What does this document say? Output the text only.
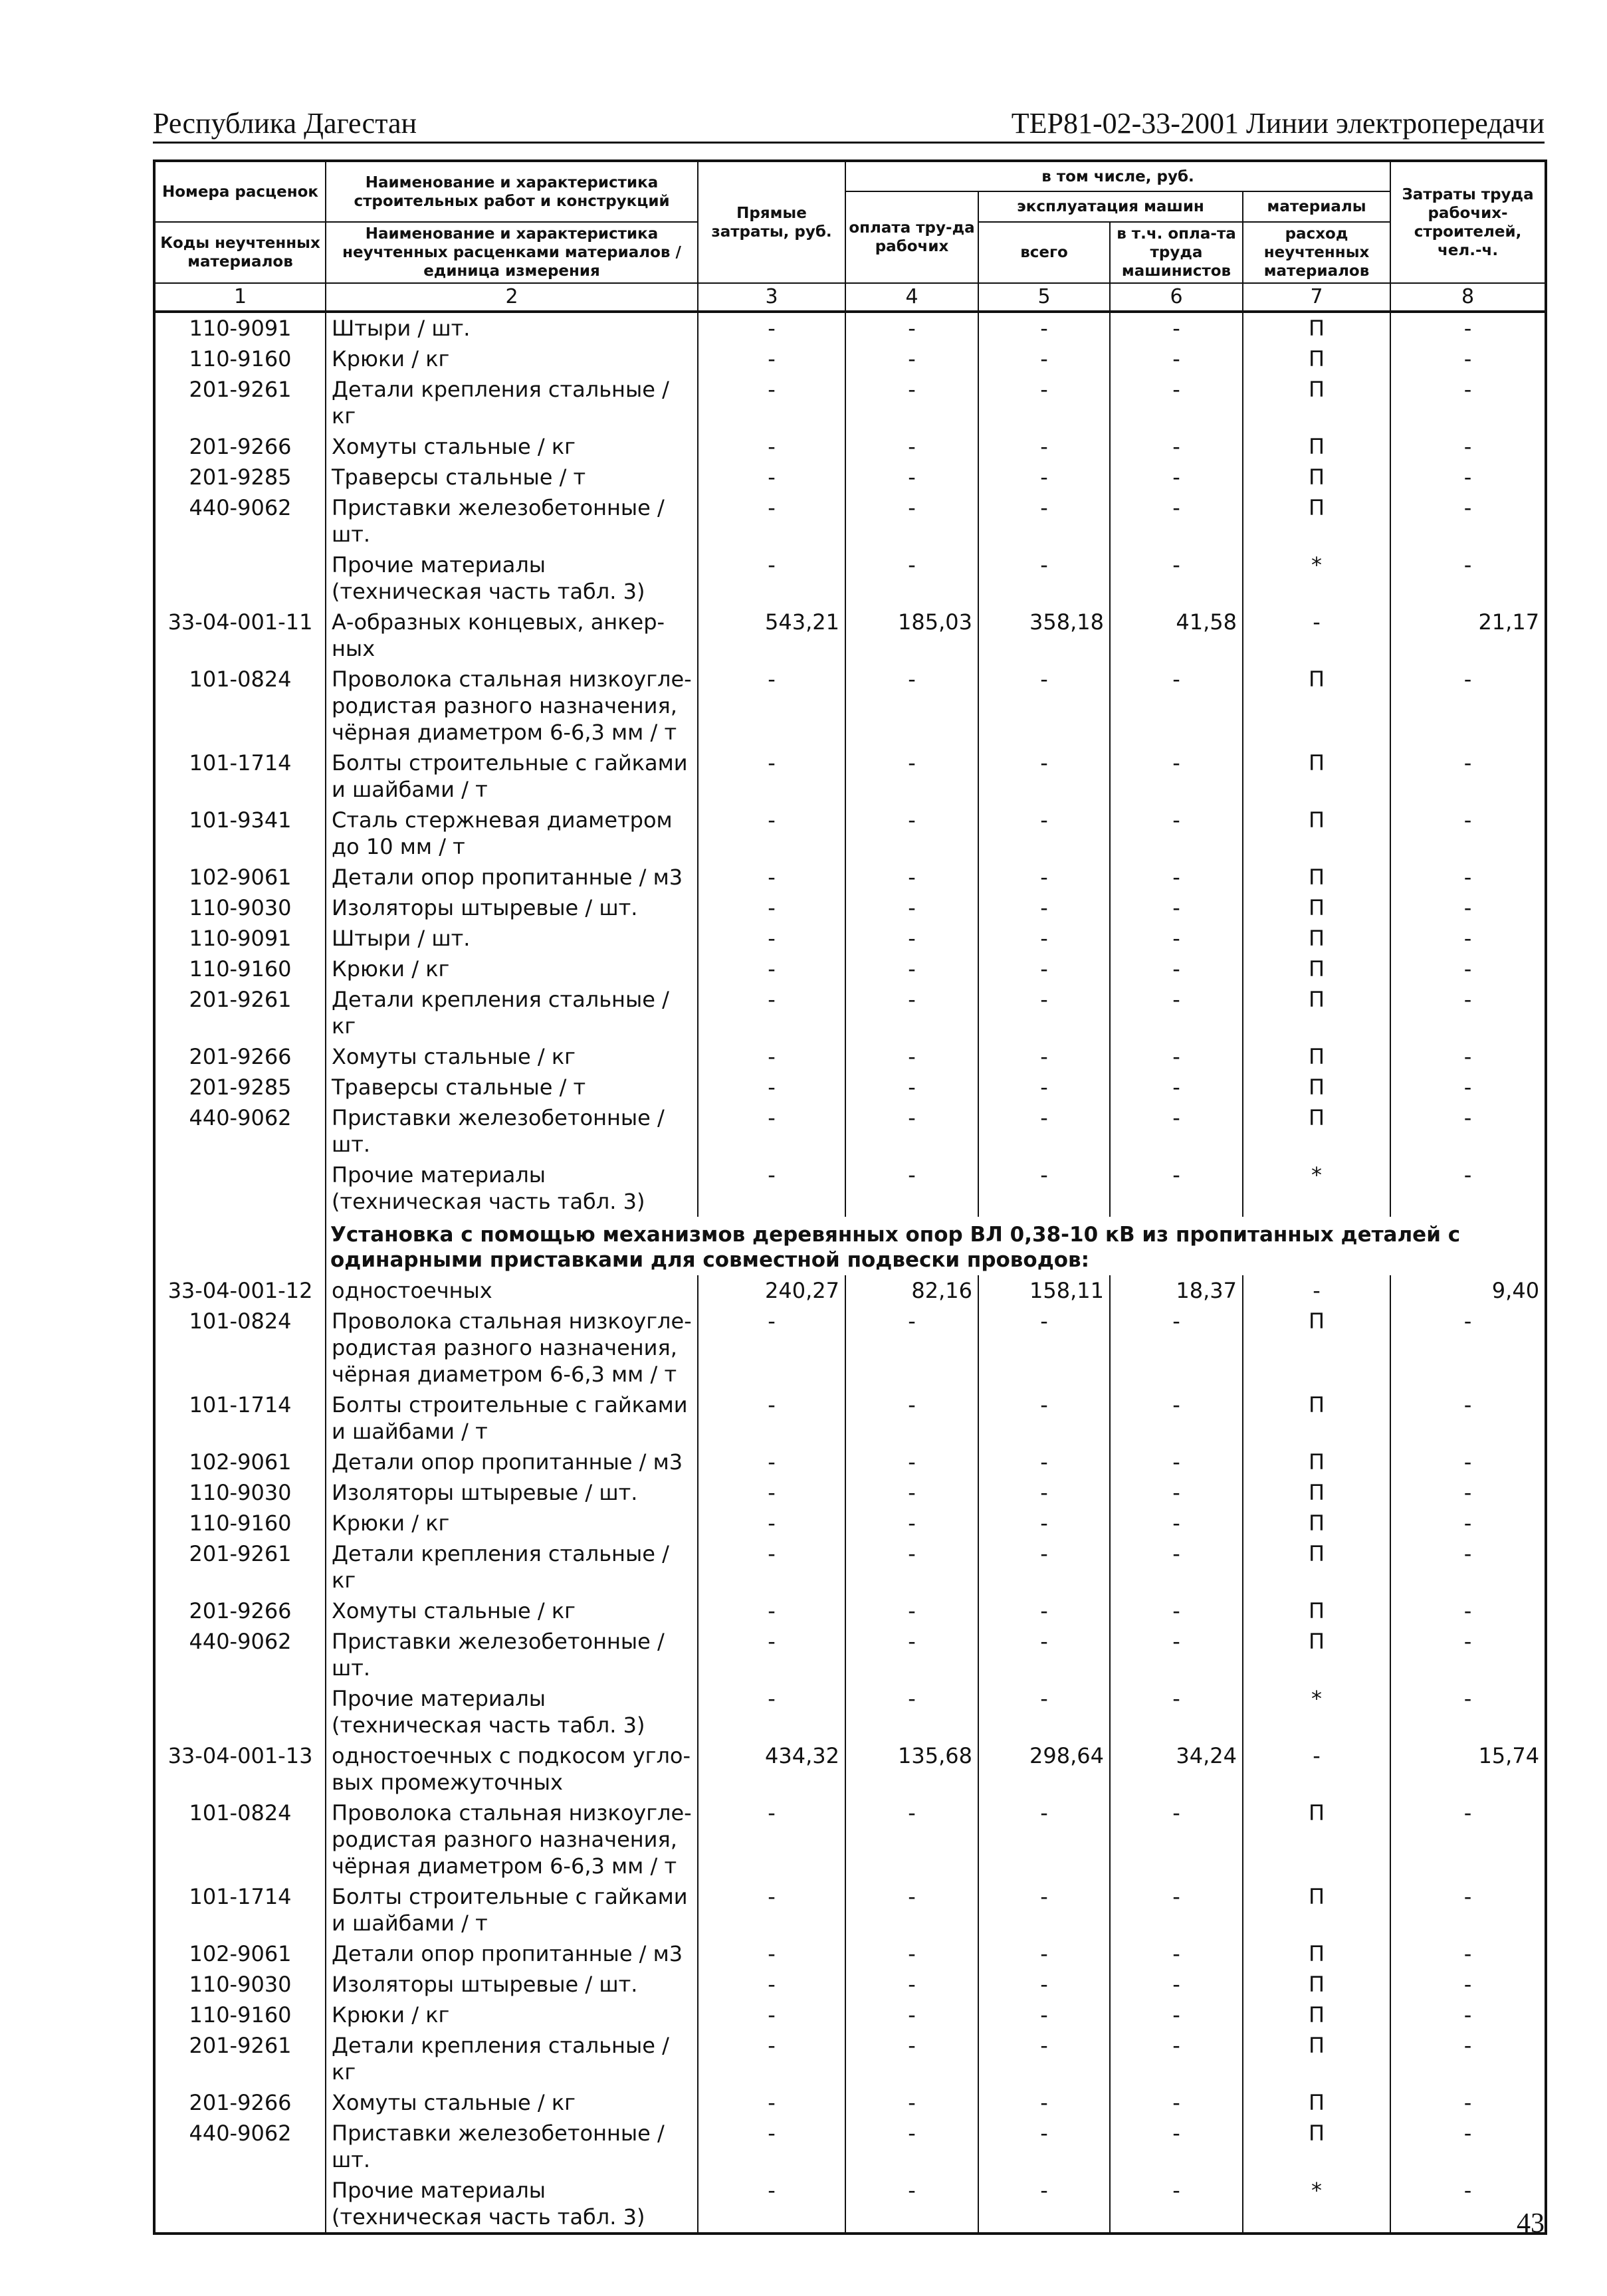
Республика Дагестан	ТЕР81-02-33-2001 Линии электропередачи
Номера расценок	Наименование и характеристика строительных работ и конструкций	Прямые затраты, руб.	в том числе, руб.				Затраты труда рабочих-строителей, чел.-ч.
			оплата тру-да рабочих	эксплуатация машин		материалы	
Коды неучтенных материалов	Наименование и характеристика неучтенных расценками материалов / единица измерения			всего	в т.ч. опла-та труда машинистов	расход неучтенных материалов	

1	2	3	4	5	6	7	8
110-9091	Штыри / шт.	-	-	-	-	П	-
110-9160	Крюки / кг	-	-	-	-	П	-
201-9261	Детали крепления стальные / кг	-	-	-	-	П	-
201-9266	Хомуты стальные / кг	-	-	-	-	П	-
201-9285	Траверсы стальные / т	-	-	-	-	П	-
440-9062	Приставки железобетонные /шт.	-	-	-	-	П	-
	Прочие материалы (техническая часть табл. 3)	-	-	-	-	*	-
33-04-001-11	А-образных концевых, анкер-ных	543,21	185,03	358,18	41,58	-	21,17
101-0824	Проволока стальная низкоугле-родистая разного назначения, чёрная диаметром 6-6,3 мм / т	-	-	-	-	П	-
101-1714	Болты строительные с гайками и шайбами / т	-	-	-	-	П	-
101-9341	Сталь стержневая диаметром до 10 мм / т	-	-	-	-	П	-
102-9061	Детали опор пропитанные / м3	-	-	-	-	П	-
110-9030	Изоляторы штыревые / шт.	-	-	-	-	П	-
110-9091	Штыри / шт.	-	-	-	-	П	-
110-9160	Крюки / кг	-	-	-	-	П	-
201-9261	Детали крепления стальные / кг	-	-	-	-	П	-
201-9266	Хомуты стальные / кг	-	-	-	-	П	-
201-9285	Траверсы стальные / т	-	-	-	-	П	-
440-9062	Приставки железобетонные /шт.	-	-	-	-	П	-
	Прочие материалы (техническая часть табл. 3)	-	-	-	-	*	-
	Установка с помощью механизмов деревянных опор ВЛ 0,38-10 кВ из пропитанных деталей с одинарными приставками для совместной подвески проводов:						
33-04-001-12	одностоечных	240,27	82,16	158,11	18,37	-	9,40
101-0824	Проволока стальная низкоугле-родистая разного назначения, чёрная диаметром 6-6,3 мм / т	-	-	-	-	П	-
101-1714	Болты строительные с гайками и шайбами / т	-	-	-	-	П	-
102-9061	Детали опор пропитанные / м3	-	-	-	-	П	-
110-9030	Изоляторы штыревые / шт.	-	-	-	-	П	-
110-9160	Крюки / кг	-	-	-	-	П	-
201-9261	Детали крепления стальные / кг	-	-	-	-	П	-
201-9266	Хомуты стальные / кг	-	-	-	-	П	-
440-9062	Приставки железобетонные /шт.	-	-	-	-	П	-
	Прочие материалы (техническая часть табл. 3)	-	-	-	-	*	-
33-04-001-13	одностоечных с подкосом угло-вых промежуточных	434,32	135,68	298,64	34,24	-	15,74
101-0824	Проволока стальная низкоугле-родистая разного назначения, чёрная диаметром 6-6,3 мм / т	-	-	-	-	П	-
101-1714	Болты строительные с гайками и шайбами / т	-	-	-	-	П	-
102-9061	Детали опор пропитанные / м3	-	-	-	-	П	-
110-9030	Изоляторы штыревые / шт.	-	-	-	-	П	-
110-9160	Крюки / кг	-	-	-	-	П	-
201-9261	Детали крепления стальные / кг	-	-	-	-	П	-
201-9266	Хомуты стальные / кг	-	-	-	-	П	-
440-9062	Приставки железобетонные /шт.	-	-	-	-	П	-
	Прочие материалы (техническая часть табл. 3)	-	-	-	-	*	-
43
